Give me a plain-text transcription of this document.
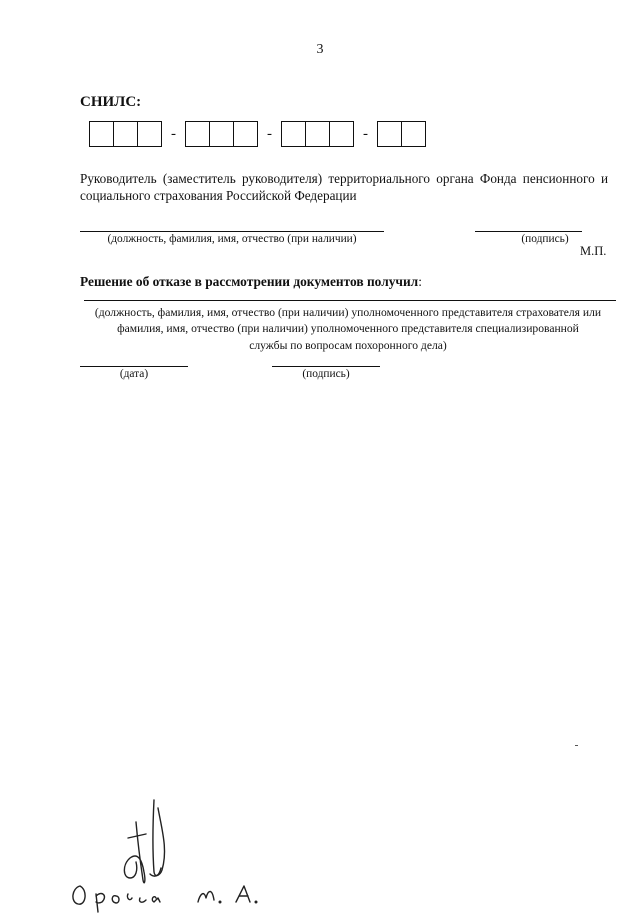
3
СНИЛС:
-	-	-
Руководитель (заместитель руководителя) территориального органа Фонда пенсионного и социального страхования Российской Федерации
(должность, фамилия, имя, отчество (при наличии)	(подпись)
М.П.
Решение об отказе в рассмотрении документов получил:
(должность, фамилия, имя, отчество (при наличии) уполномоченного представителя страхователя или
фамилия, имя, отчество (при наличии) уполномоченного представителя специализированной
службы по вопросам похоронного дела)
(дата)	(подпись)
